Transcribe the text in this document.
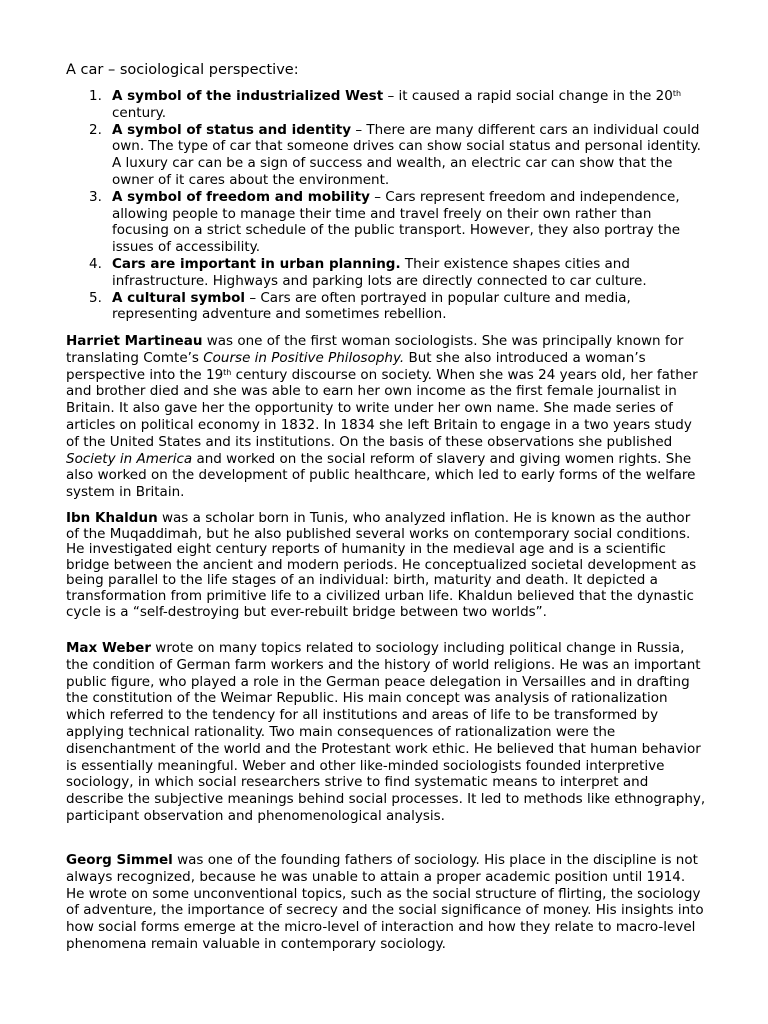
A car – sociological perspective:
1. A symbol of the industrialized West – it caused a rapid social change in the 20th century.
2. A symbol of status and identity – There are many different cars an individual could own. The type of car that someone drives can show social status and personal identity. A luxury car can be a sign of success and wealth, an electric car can show that the owner of it cares about the environment.
3. A symbol of freedom and mobility – Cars represent freedom and independence, allowing people to manage their time and travel freely on their own rather than focusing on a strict schedule of the public transport. However, they also portray the issues of accessibility.
4. Cars are important in urban planning. Their existence shapes cities and infrastructure. Highways and parking lots are directly connected to car culture.
5. A cultural symbol – Cars are often portrayed in popular culture and media, representing adventure and sometimes rebellion.

Harriet Martineau was one of the first woman sociologists. She was principally known for translating Comte’s Course in Positive Philosophy. But she also introduced a woman’s perspective into the 19th century discourse on society. When she was 24 years old, her father and brother died and she was able to earn her own income as the first female journalist in Britain. It also gave her the opportunity to write under her own name. She made series of articles on political economy in 1832. In 1834 she left Britain to engage in a two years study of the United States and its institutions. On the basis of these observations she published Society in America and worked on the social reform of slavery and giving women rights. She also worked on the development of public healthcare, which led to early forms of the welfare system in Britain.

Ibn Khaldun was a scholar born in Tunis, who analyzed inflation. He is known as the author of the Muqaddimah, but he also published several works on contemporary social conditions. He investigated eight century reports of humanity in the medieval age and is a scientific bridge between the ancient and modern periods. He conceptualized societal development as being parallel to the life stages of an individual: birth, maturity and death. It depicted a transformation from primitive life to a civilized urban life. Khaldun believed that the dynastic cycle is a “self-destroying but ever-rebuilt bridge between two worlds”.

Max Weber wrote on many topics related to sociology including political change in Russia, the condition of German farm workers and the history of world religions. He was an important public figure, who played a role in the German peace delegation in Versailles and in drafting the constitution of the Weimar Republic. His main concept was analysis of rationalization which referred to the tendency for all institutions and areas of life to be transformed by applying technical rationality. Two main consequences of rationalization were the disenchantment of the world and the Protestant work ethic. He believed that human behavior is essentially meaningful. Weber and other like-minded sociologists founded interpretive sociology, in which social researchers strive to find systematic means to interpret and describe the subjective meanings behind social processes. It led to methods like ethnography, participant observation and phenomenological analysis.

Georg Simmel was one of the founding fathers of sociology. His place in the discipline is not always recognized, because he was unable to attain a proper academic position until 1914. He wrote on some unconventional topics, such as the social structure of flirting, the sociology of adventure, the importance of secrecy and the social significance of money. His insights into how social forms emerge at the micro-level of interaction and how they relate to macro-level phenomena remain valuable in contemporary sociology.
